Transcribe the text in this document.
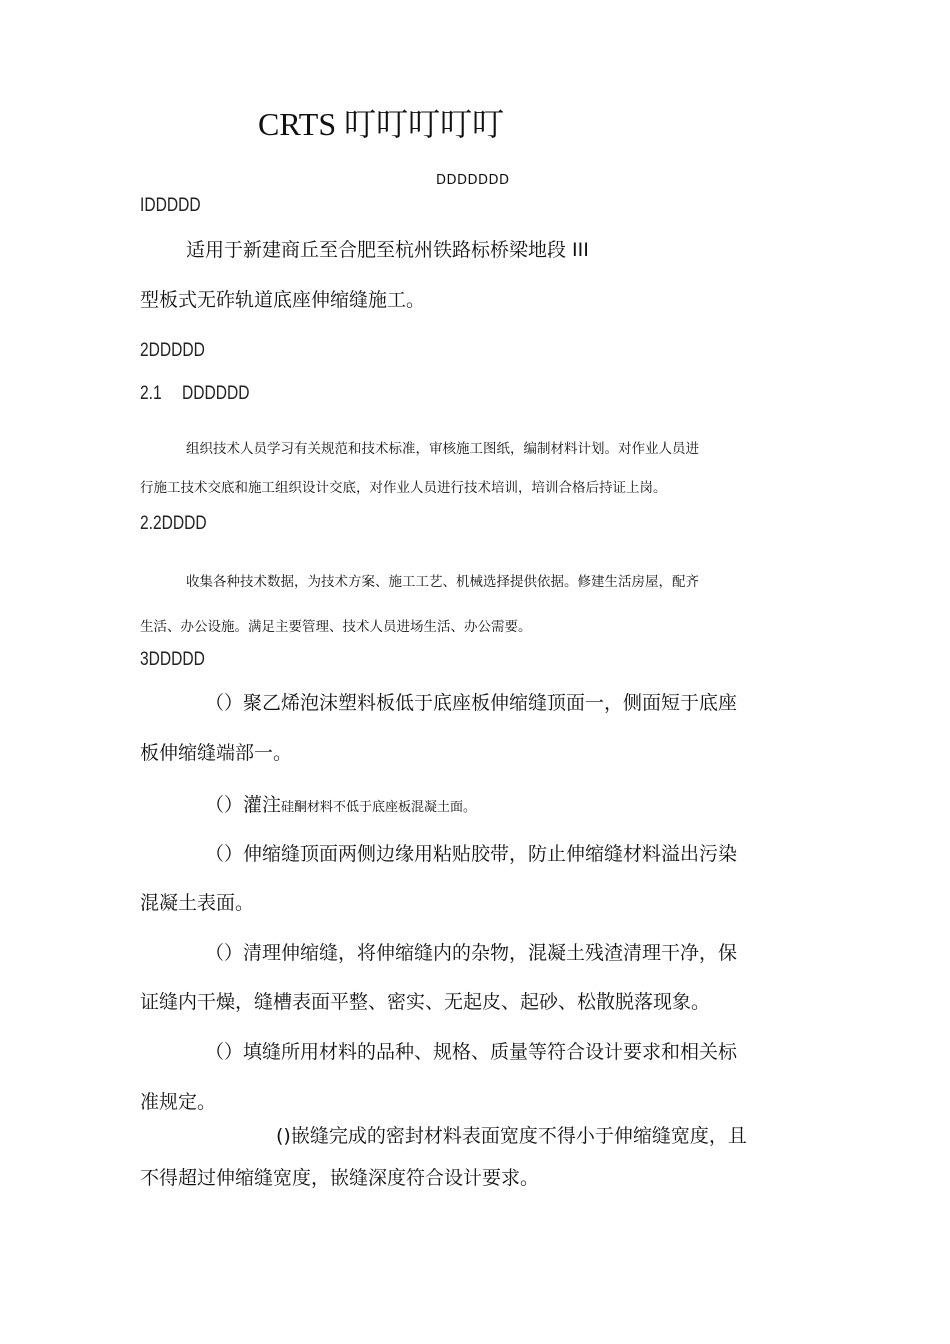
CRTS 叮叮叮叮叮
DDDDDDD
IDDDDD
适用于新建商丘至合肥至杭州铁路标桥梁地段 III
型板式无砟轨道底座伸缩缝施工。
2DDDDD
2.1 DDDDDD
组织技术人员学习有关规范和技术标准，审核施工图纸，编制材料计划。对作业人员进
行施工技术交底和施工组织设计交底，对作业人员进行技术培训，培训合格后持证上岗。
2.2DDDD
收集各种技术数据，为技术方案、施工工艺、机械选择提供依据。修建生活房屋，配齐
生活、办公设施。满足主要管理、技术人员进场生活、办公需要。
3DDDDD
（）聚乙烯泡沫塑料板低于底座板伸缩缝顶面一，侧面短于底座
板伸缩缝端部一。
（）灌注硅酮材料不低于底座板混凝土面。
（）伸缩缝顶面两侧边缘用粘贴胶带，防止伸缩缝材料溢出污染
混凝土表面。
（）清理伸缩缝，将伸缩缝内的杂物，混凝土残渣清理干净，保
证缝内干燥，缝槽表面平整、密实、无起皮、起砂、松散脱落现象。
（）填缝所用材料的品种、规格、质量等符合设计要求和相关标
准规定。
()嵌缝完成的密封材料表面宽度不得小于伸缩缝宽度，且
不得超过伸缩缝宽度，嵌缝深度符合设计要求。
